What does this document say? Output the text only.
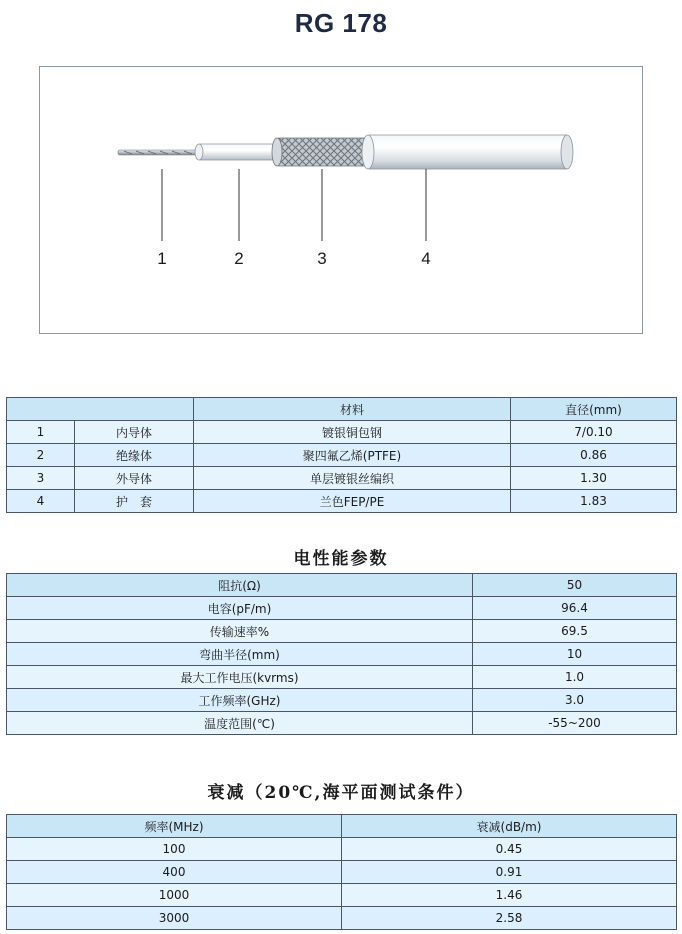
RG 178
1	2	3	4
		材料	直径(mm)
1	内导体	镀银铜包钢	7/0.10
2	绝缘体	聚四氟乙烯(PTFE)	0.86
3	外导体	单层镀银丝编织	1.30
4	护　套	兰色FEP/PE	1.83
电性能参数
阻抗(Ω)	50
电容(pF/m)	96.4
传输速率%	69.5
弯曲半径(mm)	10
最大工作电压(kvrms)	1.0
工作频率(GHz)	3.0
温度范围(℃)	-55~200
衰减（20℃,海平面测试条件）
频率(MHz)	衰减(dB/m)
100	0.45
400	0.91
1000	1.46
3000	2.58
